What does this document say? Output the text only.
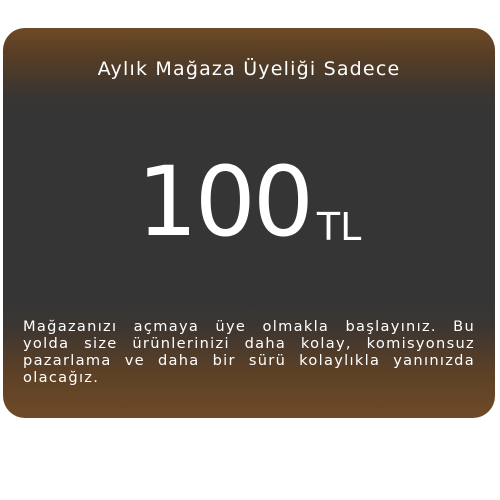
Aylık Mağaza Üyeliği Sadece
100 TL
Mağazanızı açmaya üye olmakla başlayınız. Bu yolda size ürünlerinizi daha kolay, komisyonsuz pazarlama ve daha bir sürü kolaylıkla yanınızda olacağız.
